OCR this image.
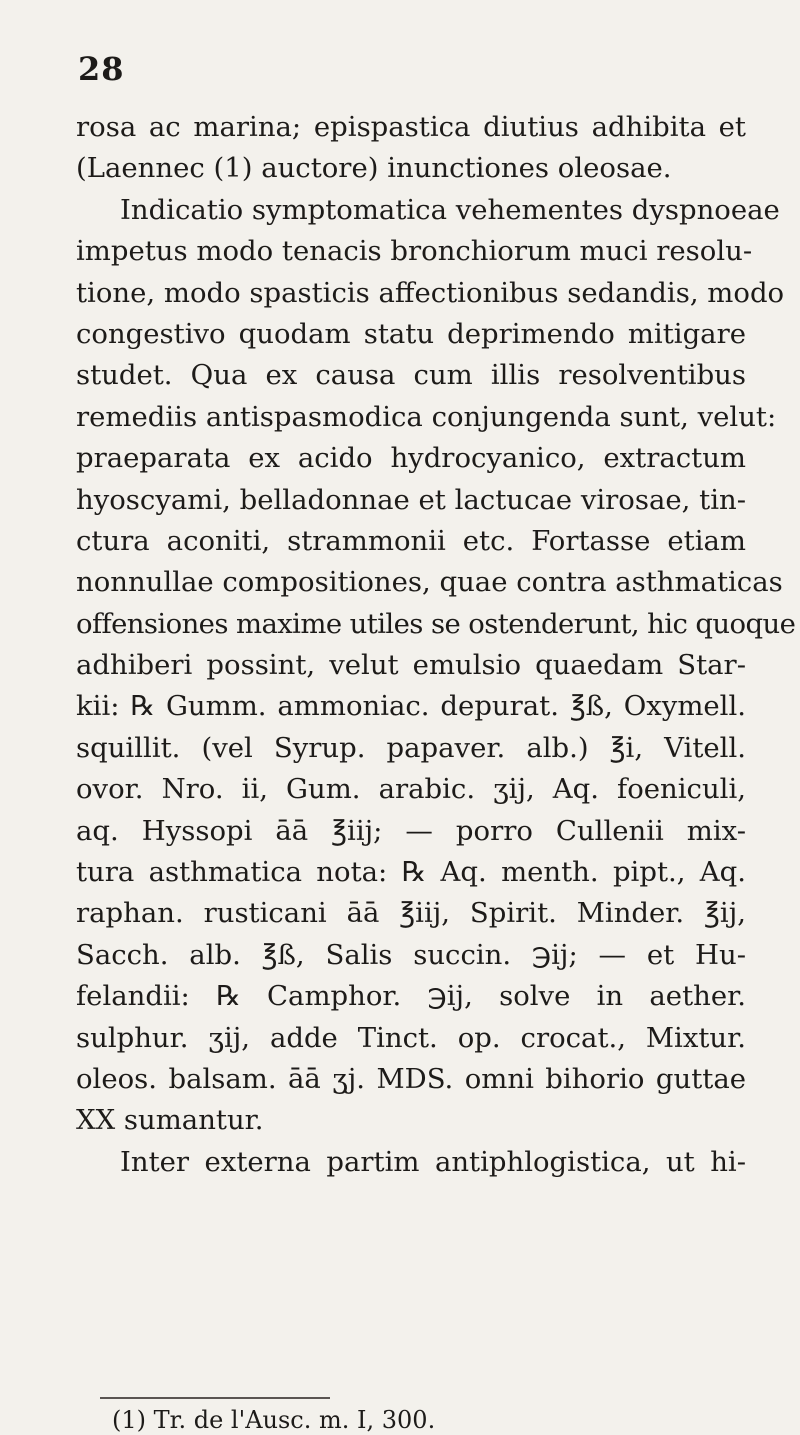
28
rosa ac marina; epispastica diutius adhibita et
(Laennec (1) auctore) inunctiones oleosae.
Indicatio symptomatica vehementes dyspnoeae
impetus modo tenacis bronchiorum muci resolu-
tione, modo spasticis affectionibus sedandis, modo
congestivo quodam statu deprimendo mitigare
studet. Qua ex causa cum illis resolventibus
remediis antispasmodica conjungenda sunt, velut:
praeparata ex acido hydrocyanico, extractum
hyoscyami, belladonnae et lactucae virosae, tin-
ctura aconiti, strammonii etc. Fortasse etiam
nonnullae compositiones, quae contra asthmaticas
offensiones maxime utiles se ostenderunt, hic quoque
adhiberi possint, velut emulsio quaedam Star-
kii: ℞ Gumm. ammoniac. depurat. ℥ß, Oxymell.
squillit. (vel Syrup. papaver. alb.) ℥i, Vitell.
ovor. Nro. ii, Gum. arabic. ʒij, Aq. foeniculi,
aq. Hyssopi āā ℥iij; — porro Cullenii mix-
tura asthmatica nota: ℞ Aq. menth. pipt., Aq.
raphan. rusticani āā ℥iij, Spirit. Minder. ℥ij,
Sacch. alb. ℥ß, Salis succin. ℈ij; — et Hu-
felandii: ℞ Camphor. ℈ij, solve in aether.
sulphur. ʒij, adde Tinct. op. crocat., Mixtur.
oleos. balsam. āā ʒj. MDS. omni bihorio guttae
XX sumantur.
Inter externa partim antiphlogistica, ut hi-
(1) Tr. de l'Ausc. m. I, 300.
